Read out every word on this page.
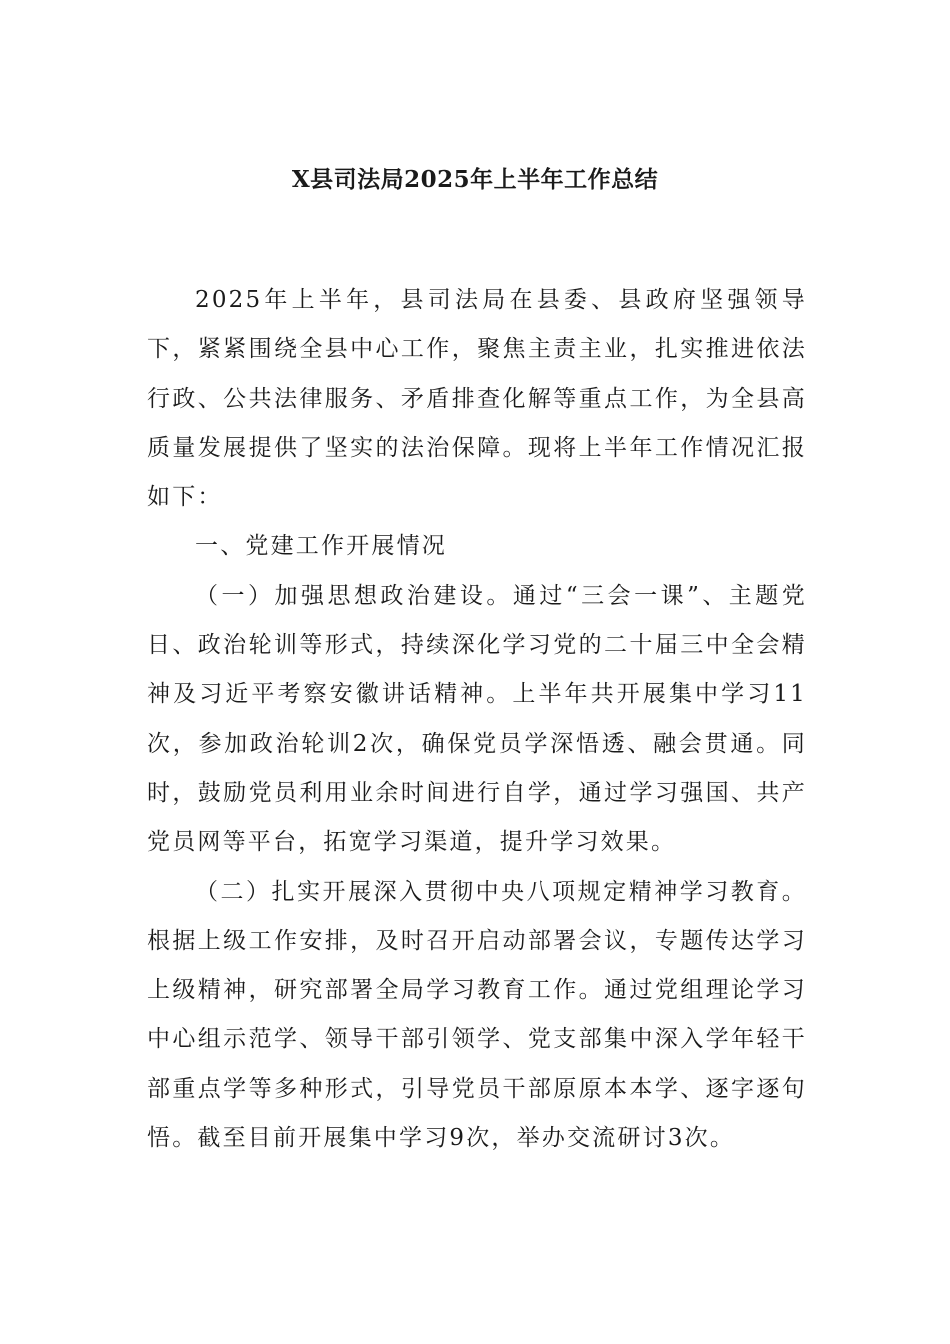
X县司法局2025年上半年工作总结

2025年上半年，县司法局在县委、县政府坚强领导下，紧紧围绕全县中心工作，聚焦主责主业，扎实推进依法行政、公共法律服务、矛盾排查化解等重点工作，为全县高质量发展提供了坚实的法治保障。现将上半年工作情况汇报如下：

一、党建工作开展情况

（一）加强思想政治建设。通过“三会一课”、主题党日、政治轮训等形式，持续深化学习党的二十届三中全会精神及习近平考察安徽讲话精神。上半年共开展集中学习11次，参加政治轮训2次，确保党员学深悟透、融会贯通。同时，鼓励党员利用业余时间进行自学，通过学习强国、共产党员网等平台，拓宽学习渠道，提升学习效果。

（二）扎实开展深入贯彻中央八项规定精神学习教育。根据上级工作安排，及时召开启动部署会议，专题传达学习上级精神，研究部署全局学习教育工作。通过党组理论学习中心组示范学、领导干部引领学、党支部集中深入学年轻干部重点学等多种形式，引导党员干部原原本本学、逐字逐句悟。截至目前开展集中学习9次，举办交流研讨3次。
